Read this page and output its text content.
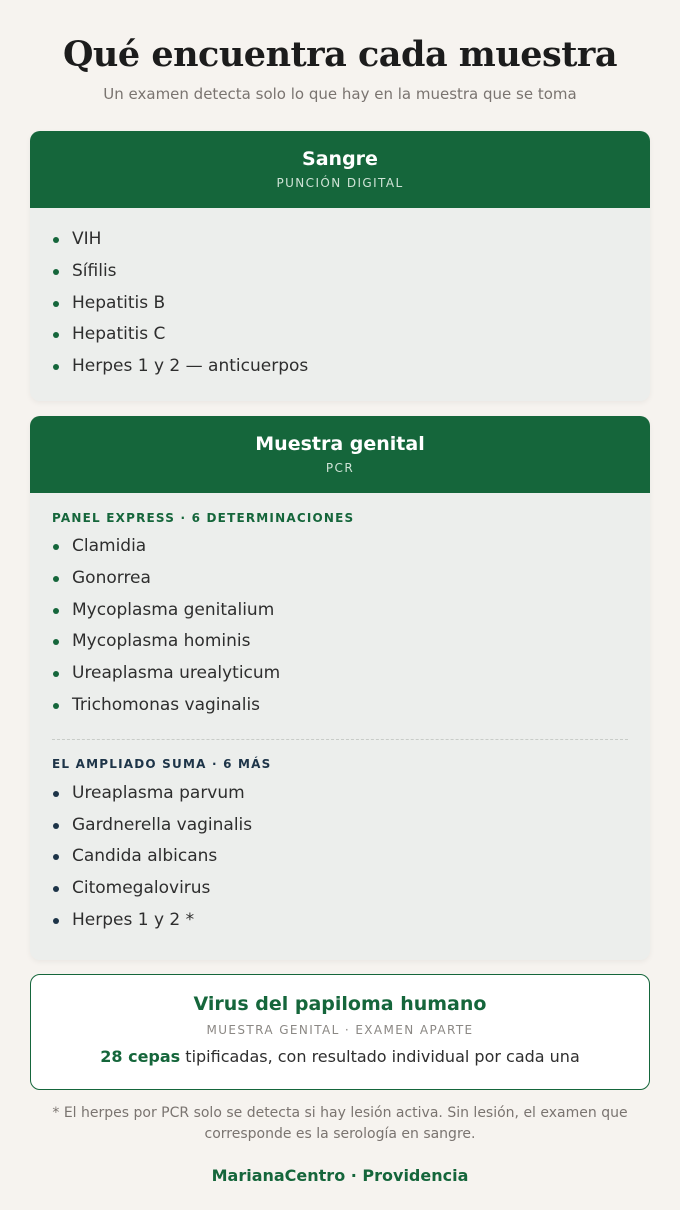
Qué encuentra cada muestra

Un examen detecta solo lo que hay en la muestra que se toma

Sangre
PUNCIÓN DIGITAL
VIH
Sífilis
Hepatitis B
Hepatitis C
Herpes 1 y 2 — anticuerpos
Muestra genital
PCR
PANEL EXPRESS · 6 DETERMINACIONES
Clamidia
Gonorrea
Mycoplasma genitalium
Mycoplasma hominis
Ureaplasma urealyticum
Trichomonas vaginalis
EL AMPLIADO SUMA · 6 MÁS
Ureaplasma parvum
Gardnerella vaginalis
Candida albicans
Citomegalovirus
Herpes 1 y 2 *
Virus del papiloma humano
MUESTRA GENITAL · EXAMEN APARTE
28 cepas tipificadas, con resultado individual por cada una

* El herpes por PCR solo se detecta si hay lesión activa. Sin lesión, el examen que corresponde es la serología en sangre.

MarianaCentro · Providencia
